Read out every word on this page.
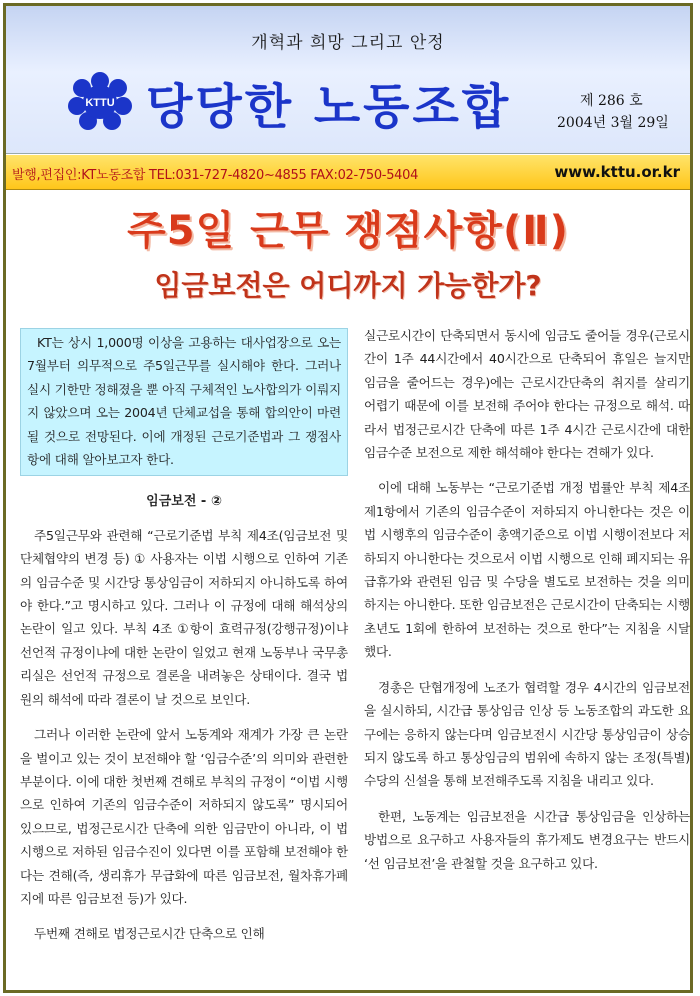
개혁과 희망 그리고 안정
KTTU 당당한 노동조합	제 286 호
2004년 3월 29일
발행,편집인:KT노동조합 TEL:031-727-4820~4855 FAX:02-750-5404	www.kttu.or.kr
주5일 근무 쟁점사항(Ⅱ)
임금보전은 어디까지 가능한가?

KT는 상시 1,000명 이상을 고용하는 대사업장으로 오는 7월부터 의무적으로 주5일근무를 실시해야 한다. 그러나 실시 기한만 정해졌을 뿐 아직 구체적인 노사합의가 이뤄지지 않았으며 오는 2004년 단체교섭을 통해 합의안이 마련될 것으로 전망된다. 이에 개정된 근로기준법과 그 쟁점사항에 대해 알아보고자 한다.

임금보전 - ②

주5일근무와 관련해 “근로기준법 부칙 제4조(임금보전 및 단체협약의 변경 등) ① 사용자는 이법 시행으로 인하여 기존의 임금수준 및 시간당 통상임금이 저하되지 아니하도록 하여야 한다.”고 명시하고 있다. 그러나 이 규정에 대해 해석상의 논란이 일고 있다. 부칙 4조 ①항이 효력규정(강행규정)이냐 선언적 규정이냐에 대한 논란이 일었고 현재 노동부나 국무총리실은 선언적 규정으로 결론을 내려놓은 상태이다. 결국 법원의 해석에 따라 결론이 날 것으로 보인다.

그러나 이러한 논란에 앞서 노동계와 재계가 가장 큰 논란을 벌이고 있는 것이 보전해야 할 ‘임금수준’의 의미와 관련한 부분이다. 이에 대한 첫번째 견해로 부칙의 규정이 “이법 시행으로 인하여 기존의 임금수준이 저하되지 않도록” 명시되어 있으므로, 법정근로시간 단축에 의한 임금만이 아니라, 이 법 시행으로 저하된 임금수진이 있다면 이를 포함해 보전해야 한다는 견해(즉, 생리휴가 무급화에 따른 임금보전, 월차휴가폐지에 따른 임금보전 등)가 있다.

두번째 견해로 법정근로시간 단축으로 인해

실근로시간이 단축되면서 동시에 임금도 줄어들 경우(근로시간이 1주 44시간에서 40시간으로 단축되어 휴일은 늘지만 임금을 줄어드는 경우)에는 근로시간단축의 취지를 살리기 어렵기 때문에 이를 보전해 주어야 한다는 규정으로 해석. 따라서 법정근로시간 단축에 따른 1주 4시간 근로시간에 대한 임금수준 보전으로 제한 해석해야 한다는 견해가 있다.

이에 대해 노동부는 “근로기준법 개정 법률안 부칙 제4조 제1항에서 기존의 임금수준이 저하되지 아니한다는 것은 이 법 시행후의 임금수준이 총액기준으로 이법 시행이전보다 저하되지 아니한다는 것으로서 이법 시행으로 인해 폐지되는 유급휴가와 관련된 임금 및 수당을 별도로 보전하는 것을 의미하지는 아니한다. 또한 임금보전은 근로시간이 단축되는 시행초년도 1회에 한하여 보전하는 것으로 한다”는 지침을 시달했다.

경총은 단협개정에 노조가 협력할 경우 4시간의 임금보전을 실시하되, 시간급 통상임금 인상 등 노동조합의 과도한 요구에는 응하지 않는다며 임금보전시 시간당 통상임금이 상승되지 않도록 하고 통상임금의 범위에 속하지 않는 조정(특별)수당의 신설을 통해 보전해주도록 지침을 내리고 있다.

한편, 노동계는 임금보전을 시간급 통상임금을 인상하는 방법으로 요구하고 사용자들의 휴가제도 변경요구는 반드시 ‘선 임금보전’을 관철할 것을 요구하고 있다.
